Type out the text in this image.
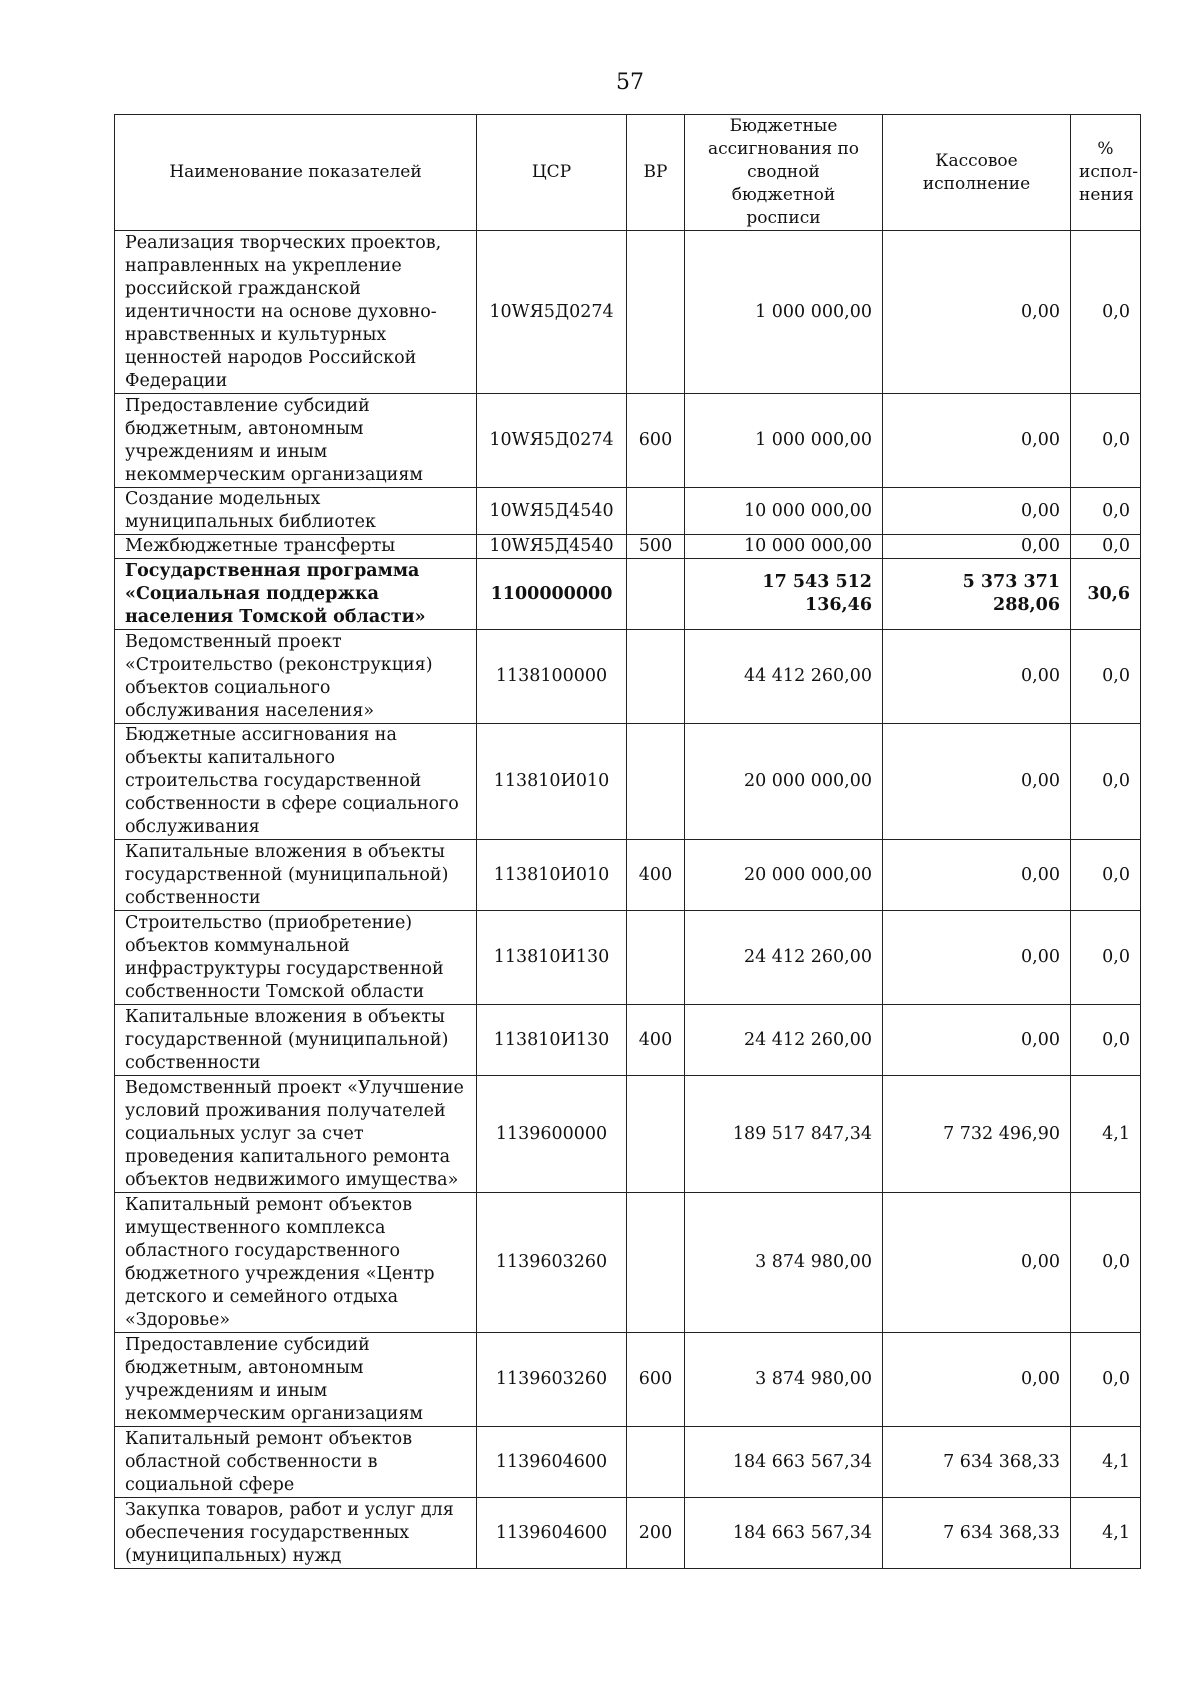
57
Наименование показателей	ЦСР	ВР	Бюджетные ассигнования по сводной бюджетной росписи	Кассовое исполнение	% испол-нения
Реализация творческих проектов, направленных на укрепление российской гражданской идентичности на основе духовно-нравственных и культурных ценностей народов Российской Федерации	10WЯ5Д0274		1 000 000,00	0,00	0,0
Предоставление субсидий бюджетным, автономным учреждениям и иным некоммерческим организациям	10WЯ5Д0274	600	1 000 000,00	0,00	0,0
Создание модельных муниципальных библиотек	10WЯ5Д4540		10 000 000,00	0,00	0,0
Межбюджетные трансферты	10WЯ5Д4540	500	10 000 000,00	0,00	0,0
Государственная программа «Социальная поддержка населения Томской области»	1100000000		17 543 512 136,46	5 373 371 288,06	30,6
Ведомственный проект «Строительство (реконструкция) объектов социального обслуживания населения»	1138100000		44 412 260,00	0,00	0,0
Бюджетные ассигнования на объекты капитального строительства государственной собственности в сфере социального обслуживания	113810И010		20 000 000,00	0,00	0,0
Капитальные вложения в объекты государственной (муниципальной) собственности	113810И010	400	20 000 000,00	0,00	0,0
Строительство (приобретение) объектов коммунальной инфраструктуры государственной собственности Томской области	113810И130		24 412 260,00	0,00	0,0
Капитальные вложения в объекты государственной (муниципальной) собственности	113810И130	400	24 412 260,00	0,00	0,0
Ведомственный проект «Улучшение условий проживания получателей социальных услуг за счет проведения капитального ремонта объектов недвижимого имущества»	1139600000		189 517 847,34	7 732 496,90	4,1
Капитальный ремонт объектов имущественного комплекса областного государственного бюджетного учреждения «Центр детского и семейного отдыха «Здоровье»	1139603260		3 874 980,00	0,00	0,0
Предоставление субсидий бюджетным, автономным учреждениям и иным некоммерческим организациям	1139603260	600	3 874 980,00	0,00	0,0
Капитальный ремонт объектов областной собственности в социальной сфере	1139604600		184 663 567,34	7 634 368,33	4,1
Закупка товаров, работ и услуг для обеспечения государственных (муниципальных) нужд	1139604600	200	184 663 567,34	7 634 368,33	4,1
